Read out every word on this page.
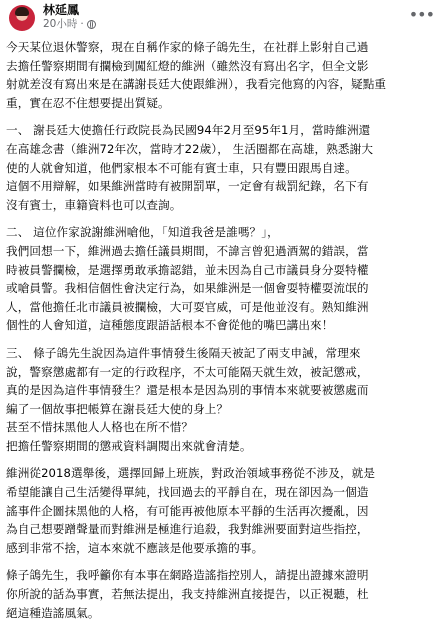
林延鳳
20小時 ·	•••

今天某位退休警察，現在自稱作家的條子鴿先生，在社群上影射自己過
去擔任警察期間有攔檢到闖紅燈的維洲（雖然沒有寫出名字，但全文影
射就差沒有寫出來是在講謝長廷大使跟維洲），我看完他寫的內容，疑點重
重，實在忍不住想要提出質疑。

一、 謝長廷大使擔任行政院長為民國94年2月至95年1月，當時維洲還
在高雄念書（維洲72年次，當時才22歲）， 生活圈都在高雄，熟悉謝大
使的人就會知道，他們家根本不可能有賓士車，只有豐田跟馬自達。
這個不用辯解，如果維洲當時有被開罰單，一定會有裁罰紀錄，名下有
沒有賓士，車籍資料也可以查詢。

二、 這位作家說謝維洲嗆他，「知道我爸是誰嗎？」，
我們回想一下，維洲過去擔任議員期間，不諱言曾犯過酒駕的錯誤，當
時被員警攔檢，是選擇勇敢承擔認錯，並未因為自己市議員身分耍特權
或嗆員警。我相信個性會決定行為，如果維洲是一個會耍特權耍流氓的
人，當他擔任北市議員被攔檢，大可耍官威，可是他並沒有。熟知維洲
個性的人會知道，這種態度跟語話根本不會從他的嘴巴講出來！

三、 條子鴿先生說因為這件事情發生後隔天被記了兩支申誡，常理來
說，警察懲處都有一定的行政程序，不太可能隔天就生效，被記懲戒，
真的是因為這件事情發生？還是根本是因為別的事情本來就要被懲處而
編了一個故事把帳算在謝長廷大使的身上？
甚至不惜抹黑他人人格也在所不惜？
把擔任警察期間的懲戒資料調閱出來就會清楚。

維洲從2018選舉後，選擇回歸上班族，對政治領域事務從不涉及，就是
希望能讓自己生活變得單純，找回過去的平靜自在，現在卻因為一個造
謠事件企圖抹黑他的人格，有可能再被他原本平靜的生活再次擾亂，因
為自己想要蹭聲量而對維洲是極進行追殺，我對維洲要面對這些指控，
感到非常不捨，這本來就不應該是他要承擔的事。

條子鴿先生，我呼籲你有本事在網路造謠指控別人，請提出證據來證明
你所說的話為事實，若無法提出，我支持維洲直接提告，以正視聽，杜
絕這種造謠風氣。
